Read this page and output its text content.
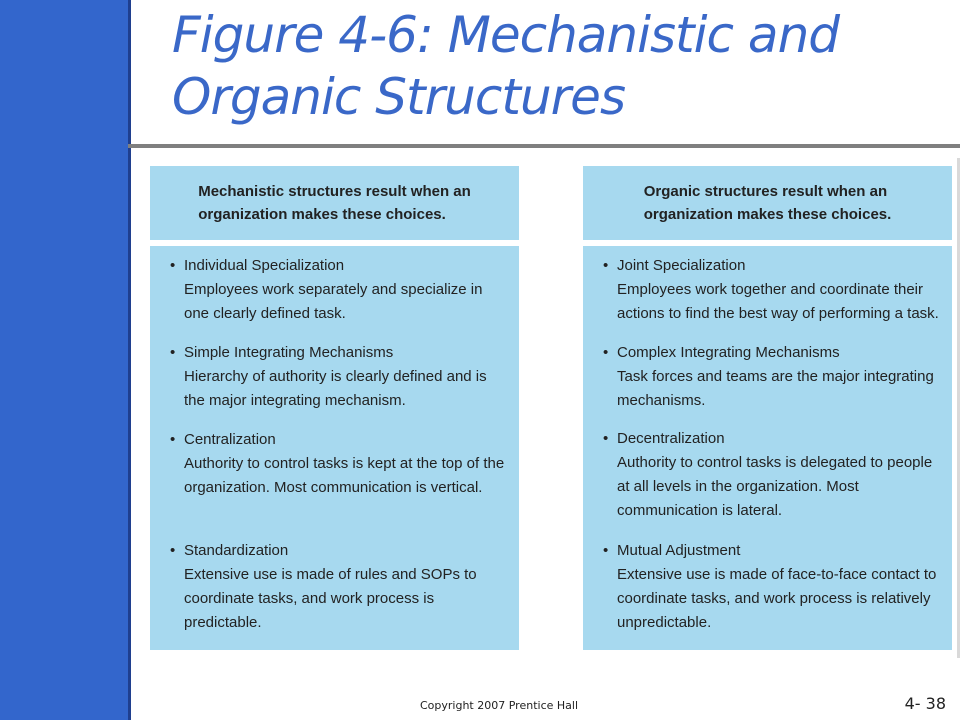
Figure 4-6: Mechanistic and Organic Structures
Mechanistic structures result when an
organization makes these choices.
• Individual Specialization
Employees work separately and specialize in one clearly defined task.
• Simple Integrating Mechanisms
Hierarchy of authority is clearly defined and is the major integrating mechanism.
• Centralization
Authority to control tasks is kept at the top of the organization. Most communication is vertical.
• Standardization
Extensive use is made of rules and SOPs to coordinate tasks, and work process is predictable.
Organic structures result when an
organization makes these choices.
• Joint Specialization
Employees work together and coordinate their actions to find the best way of performing a task.
• Complex Integrating Mechanisms
Task forces and teams are the major integrating mechanisms.
• Decentralization
Authority to control tasks is delegated to people at all levels in the organization. Most communication is lateral.
• Mutual Adjustment
Extensive use is made of face-to-face contact to coordinate tasks, and work process is relatively unpredictable.
Copyright 2007 Prentice Hall	4- 38
